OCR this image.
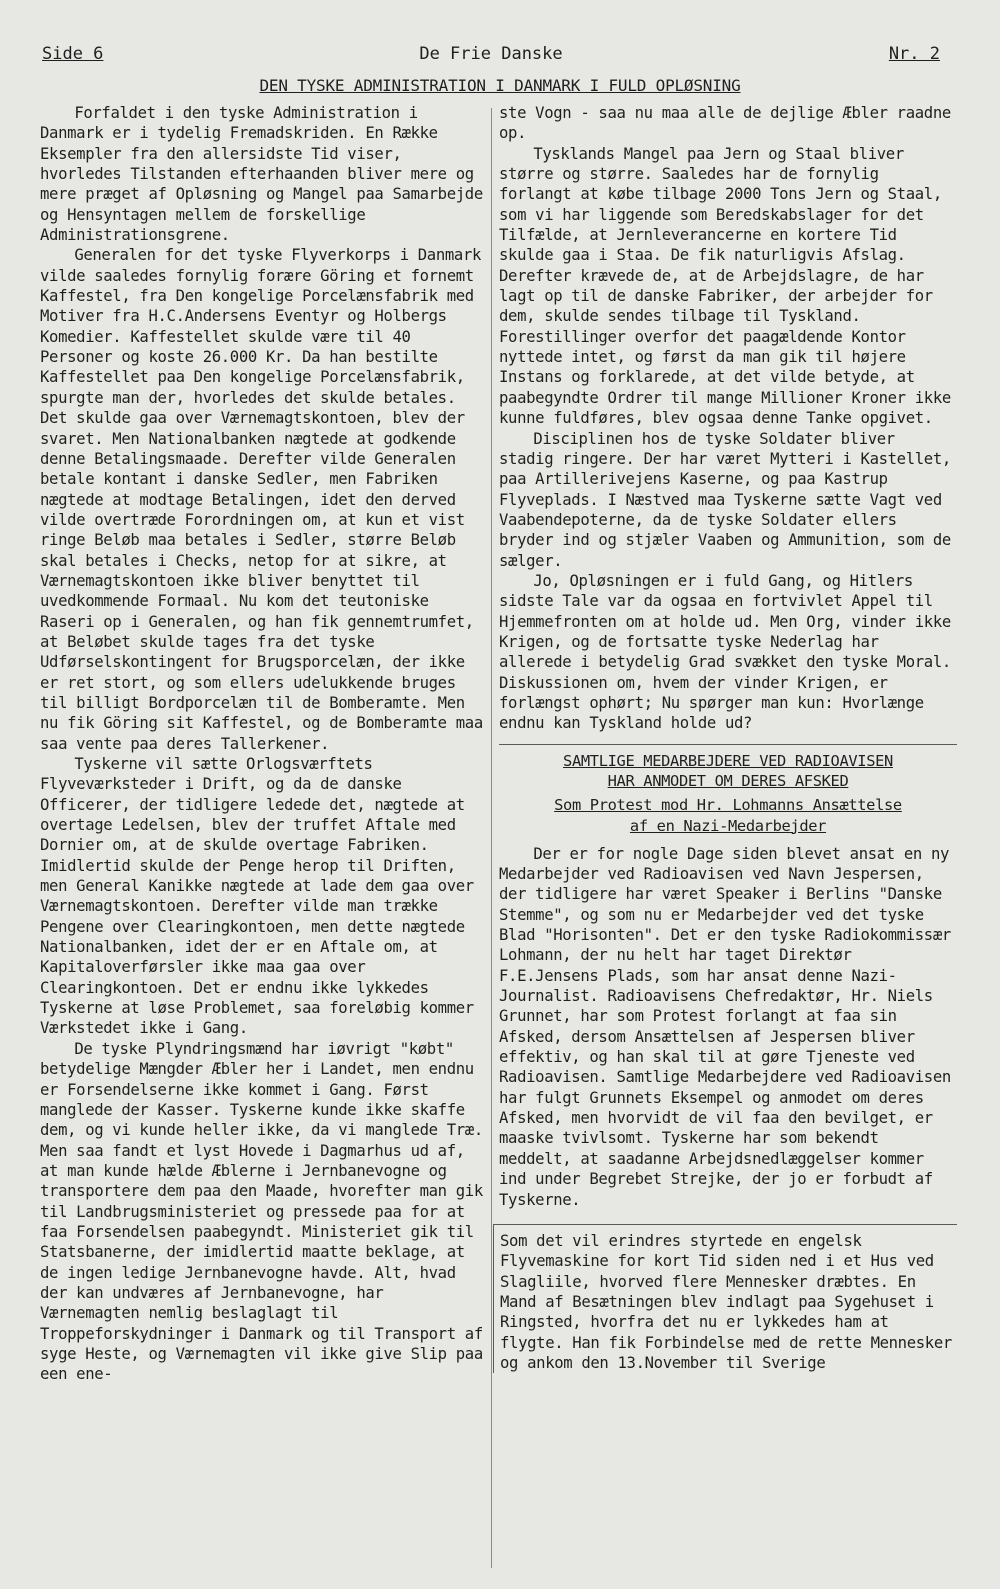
Side 6	De Frie Danske	Nr. 2
DEN TYSKE ADMINISTRATION I DANMARK I FULD OPLØSNING

Forfaldet i den tyske Administration i Danmark er i tydelig Fremadskriden. En Række Eksempler fra den allersidste Tid viser, hvorledes Tilstanden efterhaanden bliver mere og mere præget af Opløsning og Mangel paa Samarbejde og Hensyntagen mellem de forskellige Administrationsgrene.

Generalen for det tyske Flyverkorps i Danmark vilde saaledes fornylig forære Göring et fornemt Kaffestel, fra Den kongelige Porcelænsfabrik med Motiver fra H.C.Andersens Eventyr og Holbergs Komedier. Kaffestellet skulde være til 40 Personer og koste 26.000 Kr. Da han bestilte Kaffestellet paa Den kongelige Porcelænsfabrik, spurgte man der, hvorledes det skulde betales. Det skulde gaa over Værnemagtskontoen, blev der svaret. Men Nationalbanken nægtede at godkende denne Betalingsmaade. Derefter vilde Generalen betale kontant i danske Sedler, men Fabriken nægtede at modtage Betalingen, idet den derved vilde overtræde Forordningen om, at kun et vist ringe Beløb maa betales i Sedler, større Beløb skal betales i Checks, netop for at sikre, at Værnemagtskontoen ikke bliver benyttet til uvedkommende Formaal. Nu kom det teutoniske Raseri op i Generalen, og han fik gennemtrumfet, at Beløbet skulde tages fra det tyske Udførselskontingent for Brugsporcelæn, der ikke er ret stort, og som ellers udelukkende bruges til billigt Bordporcelæn til de Bomberamte. Men nu fik Göring sit Kaffestel, og de Bomberamte maa saa vente paa deres Tallerkener.

Tyskerne vil sætte Orlogsværftets Flyveværksteder i Drift, og da de danske Officerer, der tidligere ledede det, nægtede at overtage Ledelsen, blev der truffet Aftale med Dornier om, at de skulde overtage Fabriken. Imidlertid skulde der Penge herop til Driften, men General Kanikke nægtede at lade dem gaa over Værnemagtskontoen. Derefter vilde man trække Pengene over Clearingkontoen, men dette nægtede Nationalbanken, idet der er en Aftale om, at Kapitaloverførsler ikke maa gaa over Clearingkontoen. Det er endnu ikke lykkedes Tyskerne at løse Problemet, saa foreløbig kommer Værkstedet ikke i Gang.

De tyske Plyndringsmænd har iøvrigt "købt" betydelige Mængder Æbler her i Landet, men endnu er Forsendelserne ikke kommet i Gang. Først manglede der Kasser. Tyskerne kunde ikke skaffe dem, og vi kunde heller ikke, da vi manglede Træ. Men saa fandt et lyst Hovede i Dagmarhus ud af, at man kunde hælde Æblerne i Jernbanevogne og transportere dem paa den Maade, hvorefter man gik til Landbrugsministeriet og pressede paa for at faa Forsendelsen paabegyndt. Ministeriet gik til Statsbanerne, der imidlertid maatte beklage, at de ingen ledige Jernbanevogne havde. Alt, hvad der kan undværes af Jernbanevogne, har Værnemagten nemlig beslaglagt til Troppeforskydninger i Danmark og til Transport af syge Heste, og Værnemagten vil ikke give Slip paa een ene-

ste Vogn - saa nu maa alle de dejlige Æbler raadne op.

Tysklands Mangel paa Jern og Staal bliver større og større. Saaledes har de fornylig forlangt at købe tilbage 2000 Tons Jern og Staal, som vi har liggende som Beredskabslager for det Tilfælde, at Jernleverancerne en kortere Tid skulde gaa i Staa. De fik naturligvis Afslag. Derefter krævede de, at de Arbejdslagre, de har lagt op til de danske Fabriker, der arbejder for dem, skulde sendes tilbage til Tyskland. Forestillinger overfor det paagældende Kontor nyttede intet, og først da man gik til højere Instans og forklarede, at det vilde betyde, at paabegyndte Ordrer til mange Millioner Kroner ikke kunne fuldføres, blev ogsaa denne Tanke opgivet.

Disciplinen hos de tyske Soldater bliver stadig ringere. Der har været Mytteri i Kastellet, paa Artillerivejens Kaserne, og paa Kastrup Flyveplads. I Næstved maa Tyskerne sætte Vagt ved Vaabendepoterne, da de tyske Soldater ellers bryder ind og stjæler Vaaben og Ammunition, som de sælger.

Jo, Opløsningen er i fuld Gang, og Hitlers sidste Tale var da ogsaa en fortvivlet Appel til Hjemmefronten om at holde ud. Men Org, vinder ikke Krigen, og de fortsatte tyske Nederlag har allerede i betydelig Grad svækket den tyske Moral. Diskussionen om, hvem der vinder Krigen, er forlængst ophørt; Nu spørger man kun: Hvorlænge endnu kan Tyskland holde ud?

SAMTLIGE MEDARBEJDERE VED RADIOAVISEN
HAR ANMODET OM DERES AFSKED
Som Protest mod Hr. Lohmanns Ansættelse
af en Nazi-Medarbejder

Der er for nogle Dage siden blevet ansat en ny Medarbejder ved Radioavisen ved Navn Jespersen, der tidligere har været Speaker i Berlins "Danske Stemme", og som nu er Medarbejder ved det tyske Blad "Horisonten". Det er den tyske Radiokommissær Lohmann, der nu helt har taget Direktør F.E.Jensens Plads, som har ansat denne Nazi-Journalist. Radioavisens Chefredaktør, Hr. Niels Grunnet, har som Protest forlangt at faa sin Afsked, dersom Ansættelsen af Jespersen bliver effektiv, og han skal til at gøre Tjeneste ved Radioavisen. Samtlige Medarbejdere ved Radioavisen har fulgt Grunnets Eksempel og anmodet om deres Afsked, men hvorvidt de vil faa den bevilget, er maaske tvivlsomt. Tyskerne har som bekendt meddelt, at saadanne Arbejdsnedlæggelser kommer ind under Begrebet Strejke, der jo er forbudt af Tyskerne.

Som det vil erindres styrtede en engelsk Flyvemaskine for kort Tid siden ned i et Hus ved Slagliile, hvorved flere Mennesker dræbtes. En Mand af Besætningen blev indlagt paa Sygehuset i Ringsted, hvorfra det nu er lykkedes ham at flygte. Han fik Forbindelse med de rette Mennesker og ankom den 13.November til Sverige
